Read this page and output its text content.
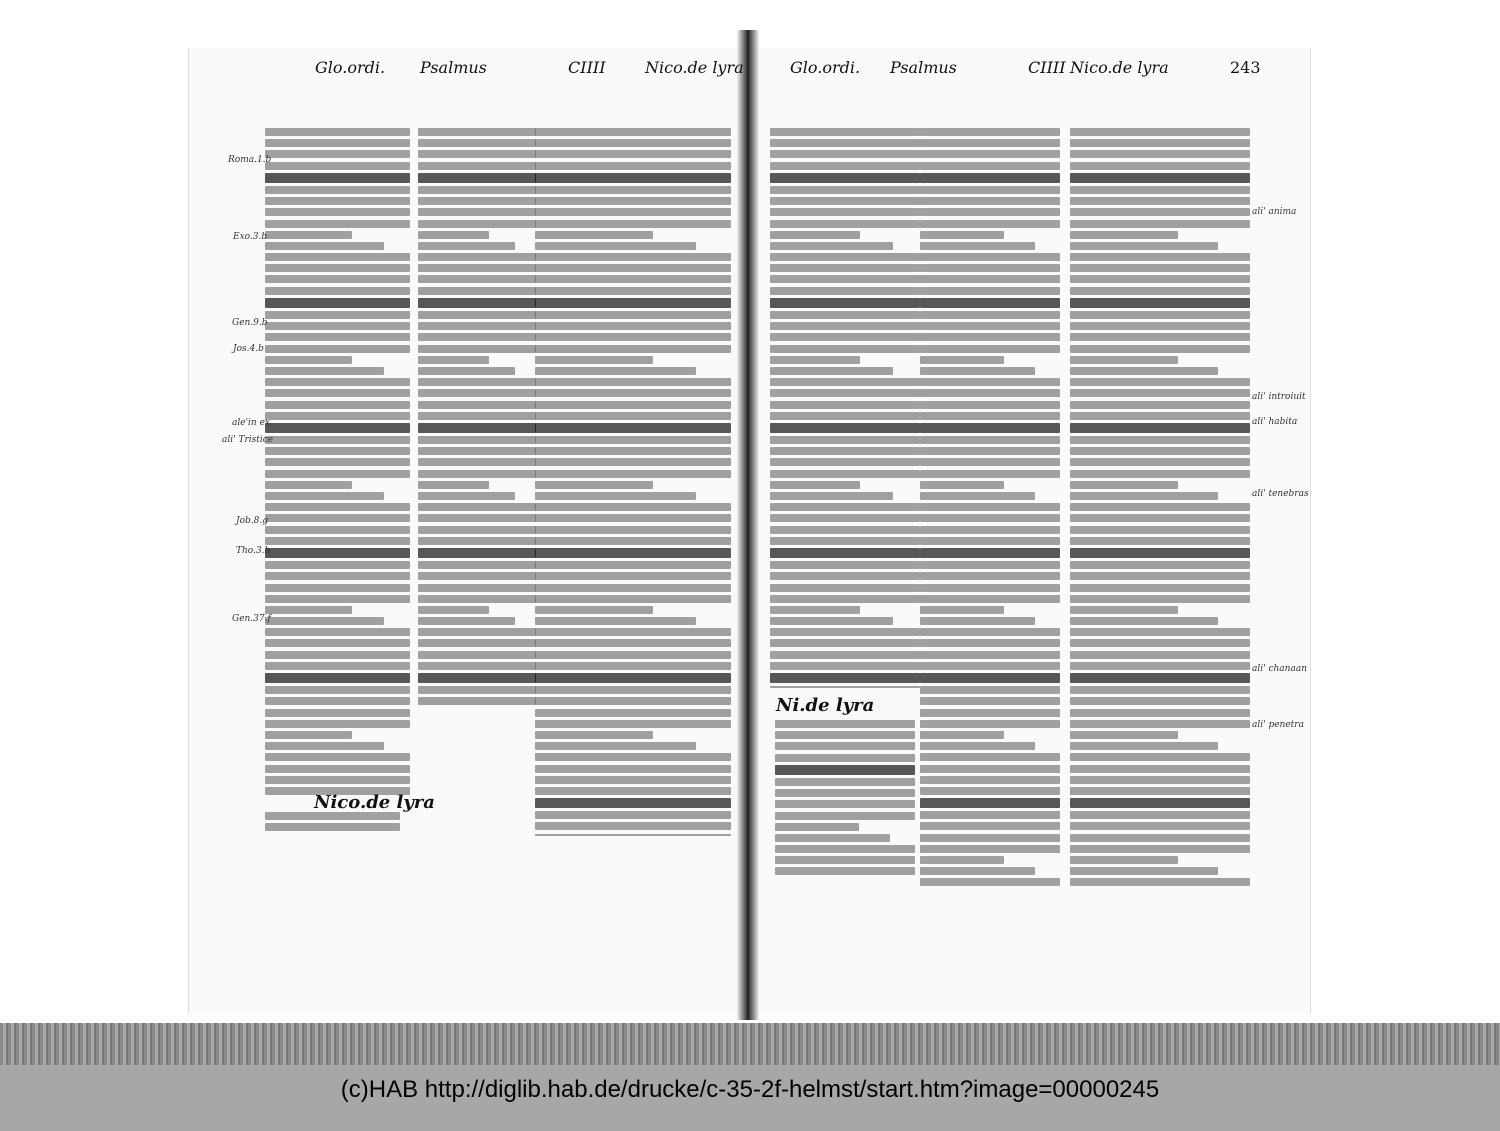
Glo.ordi. Psalmus	CIIII Nico.de lyra	Glo.ordi. Psalmus	CIIII Nico.de lyra	243
Nico.de lyra
Ni.de lyra
Roma.1.b
Exo.3.b
Gen.9.b
Jos.4.b
ale'in ex
ali' Tristice
Job.8.g
Tho.3.b
Gen.37.f
ali' anima
ali' introiuit
ali' habita
ali' tenebras
ali' chanaan
ali' penetra
(c)HAB http://diglib.hab.de/drucke/c-35-2f-helmst/start.htm?image=00000245
